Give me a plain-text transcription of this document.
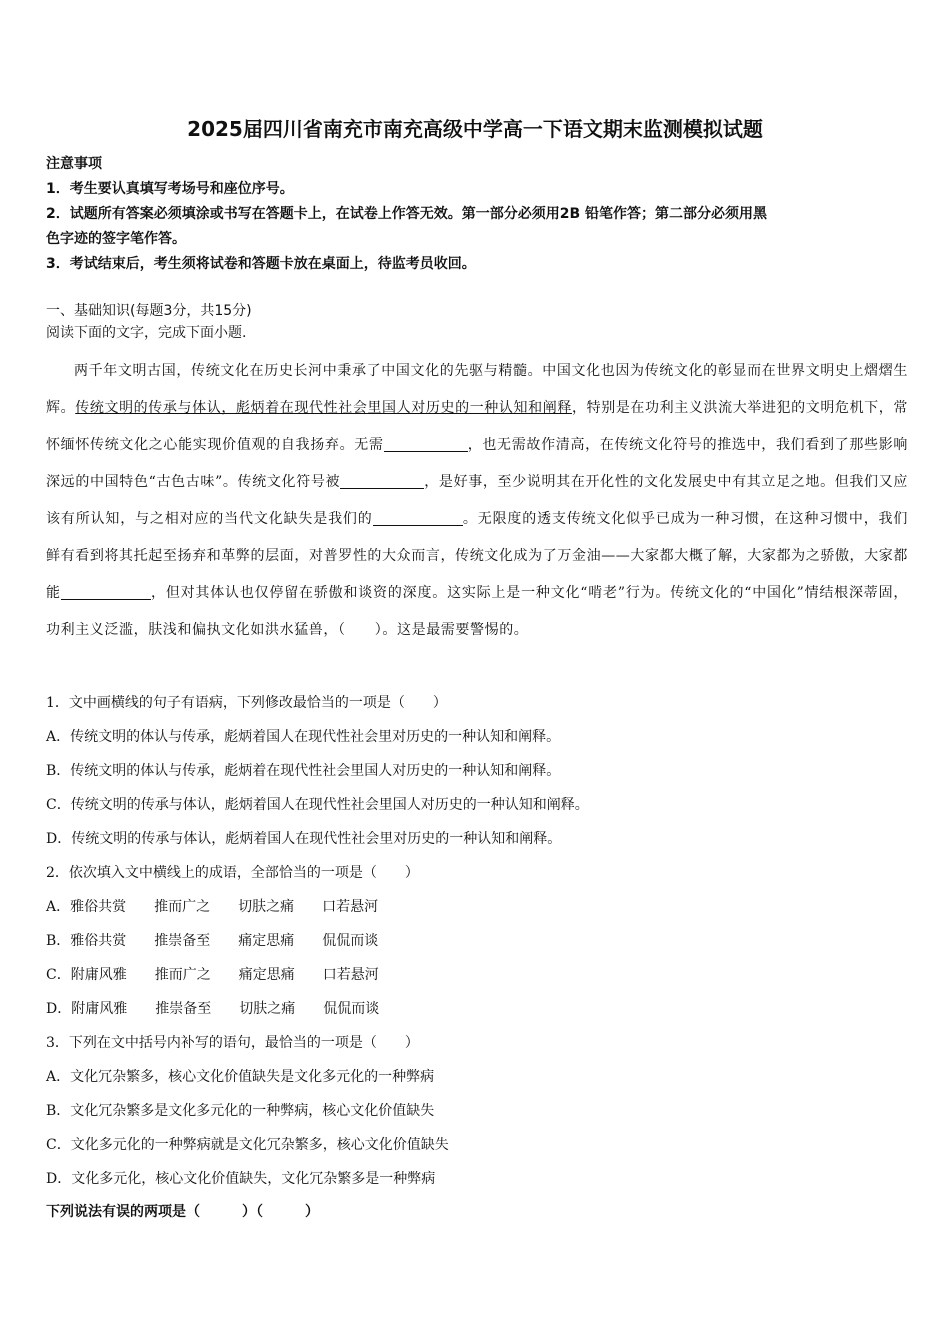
2025届四川省南充市南充高级中学高一下语文期末监测模拟试题
注意事项
1．考生要认真填写考场号和座位序号。
2．试题所有答案必须填涂或书写在答题卡上，在试卷上作答无效。第一部分必须用2B 铅笔作答；第二部分必须用黑
色字迹的签字笔作答。
3．考试结束后，考生须将试卷和答题卡放在桌面上，待监考员收回。
一、基础知识(每题3分，共15分)
阅读下面的文字，完成下面小题.

两千年文明古国，传统文化在历史长河中秉承了中国文化的先驱与精髓。中国文化也因为传统文化的彰显而在世界文明史上熠熠生辉。传统文明的传承与体认，彪炳着在现代性社会里国人对历史的一种认知和阐释，特别是在功利主义洪流大举进犯的文明危机下，常怀缅怀传统文化之心能实现价值观的自我扬弃。无需	，也无需故作清高，在传统文化符号的推选中，我们看到了那些影响深远的中国特色“古色古味”。传统文化符号被	，是好事，至少说明其在开化性的文化发展史中有其立足之地。但我们又应该有所认知，与之相对应的当代文化缺失是我们的	。无限度的透支传统文化似乎已成为一种习惯，在这种习惯中，我们鲜有看到将其托起至扬弃和革弊的层面，对普罗性的大众而言，传统文化成为了万金油——大家都大概了解，大家都为之骄傲，大家都能	，但对其体认也仅停留在骄傲和谈资的深度。这实际上是一种文化“啃老”行为。传统文化的“中国化”情结根深蒂固，功利主义泛滥，肤浅和偏执文化如洪水猛兽，（　　）。这是最需要警惕的。

1．文中画横线的句子有语病，下列修改最恰当的一项是（　　）
A．传统文明的体认与传承，彪炳着国人在现代性社会里对历史的一种认知和阐释。
B．传统文明的体认与传承，彪炳着在现代性社会里国人对历史的一种认知和阐释。
C．传统文明的传承与体认，彪炳着国人在现代性社会里国人对历史的一种认知和阐释。
D．传统文明的传承与体认，彪炳着国人在现代性社会里对历史的一种认知和阐释。
2．依次填入文中横线上的成语，全部恰当的一项是（　　）
A．雅俗共赏　　推而广之　　切肤之痛　　口若悬河
B．雅俗共赏　　推崇备至　　痛定思痛　　侃侃而谈
C．附庸风雅　　推而广之　　痛定思痛　　口若悬河
D．附庸风雅　　推崇备至　　切肤之痛　　侃侃而谈
3．下列在文中括号内补写的语句，最恰当的一项是（　　）
A．文化冗杂繁多，核心文化价值缺失是文化多元化的一种弊病
B．文化冗杂繁多是文化多元化的一种弊病，核心文化价值缺失
C．文化多元化的一种弊病就是文化冗杂繁多，核心文化价值缺失
D．文化多元化，核心文化价值缺失，文化冗杂繁多是一种弊病
下列说法有误的两项是（　　　）（　　　）
